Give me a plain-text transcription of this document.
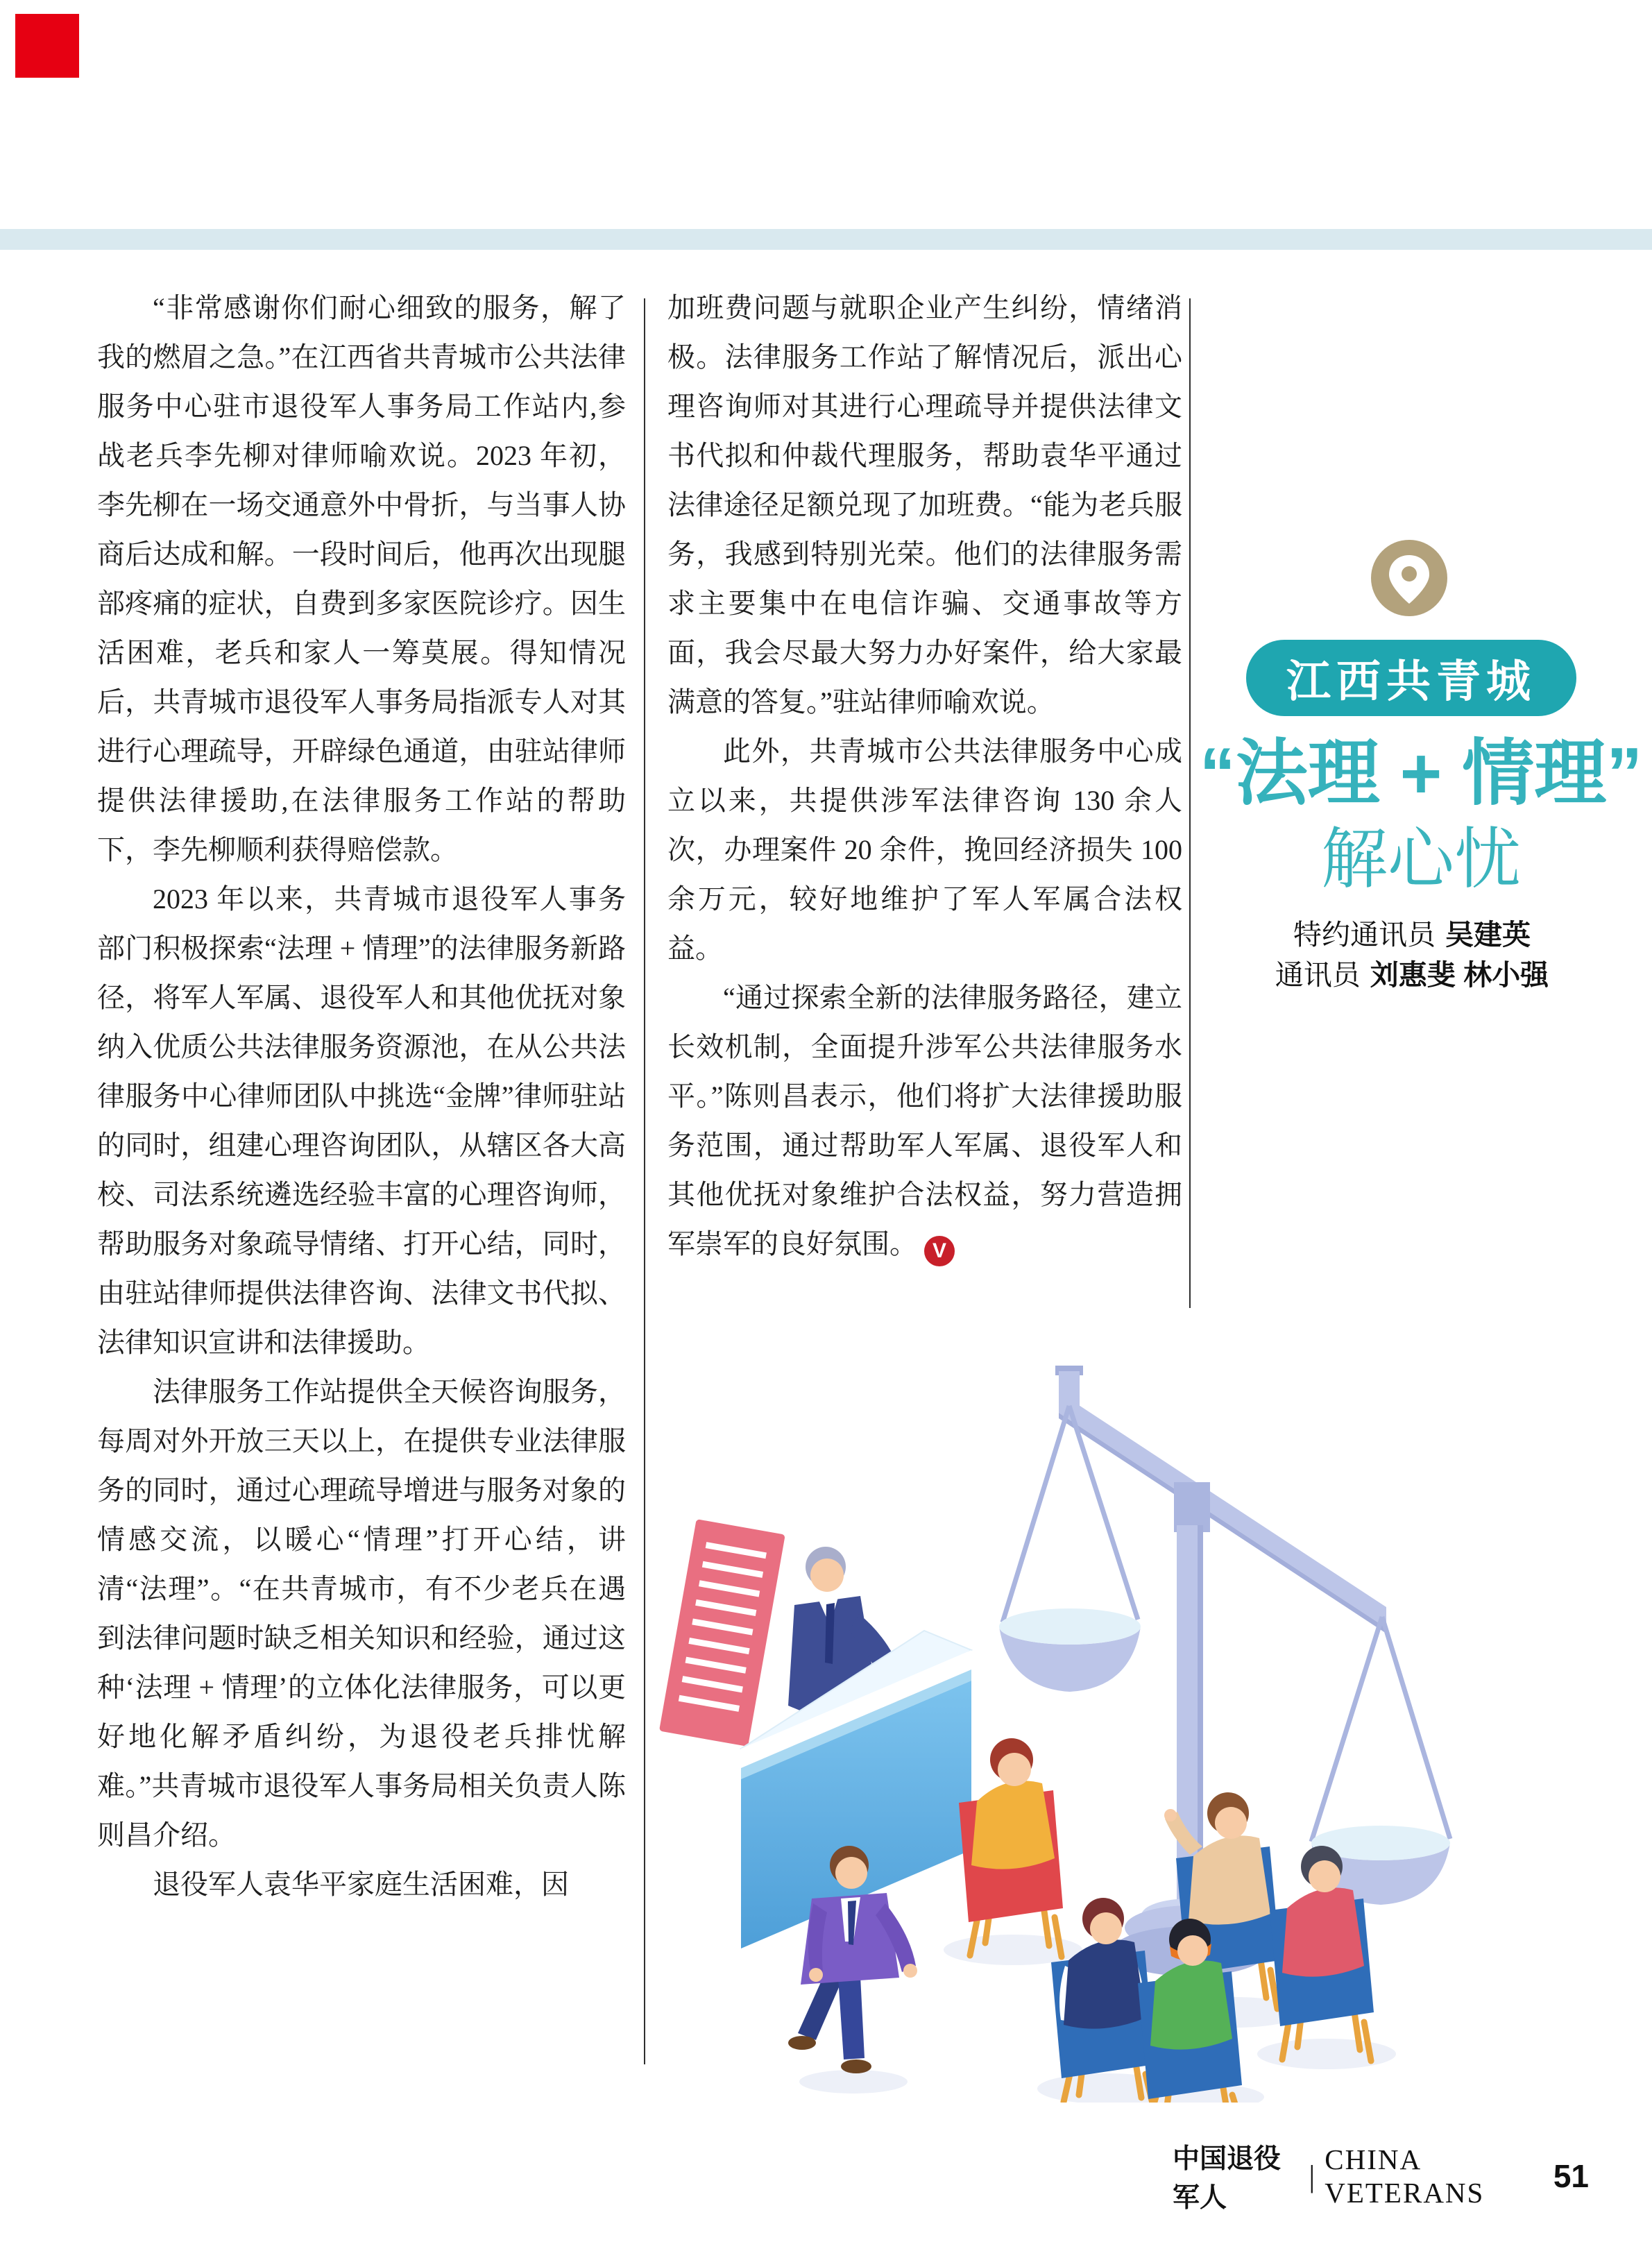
“非常感谢你们耐心细致的服务，解了我的燃眉之急。”在江西省共青城市公共法律服务中心驻市退役军人事务局工作站内,参战老兵李先柳对律师喻欢说。2023 年初，李先柳在一场交通意外中骨折，与当事人协商后达成和解。一段时间后，他再次出现腿部疼痛的症状，自费到多家医院诊疗。因生活困难，老兵和家人一筹莫展。得知情况后，共青城市退役军人事务局指派专人对其进行心理疏导，开辟绿色通道，由驻站律师提供法律援助,在法律服务工作站的帮助下，李先柳顺利获得赔偿款。

2023 年以来，共青城市退役军人事务部门积极探索“法理 + 情理”的法律服务新路径，将军人军属、退役军人和其他优抚对象纳入优质公共法律服务资源池，在从公共法律服务中心律师团队中挑选“金牌”律师驻站的同时，组建心理咨询团队，从辖区各大高校、司法系统遴选经验丰富的心理咨询师，帮助服务对象疏导情绪、打开心结，同时，由驻站律师提供法律咨询、法律文书代拟、法律知识宣讲和法律援助。

法律服务工作站提供全天候咨询服务，每周对外开放三天以上，在提供专业法律服务的同时，通过心理疏导增进与服务对象的情感交流，以暖心“情理”打开心结，讲清“法理”。“在共青城市，有不少老兵在遇到法律问题时缺乏相关知识和经验，通过这种‘法理 + 情理’的立体化法律服务，可以更好地化解矛盾纠纷，为退役老兵排忧解难。”共青城市退役军人事务局相关负责人陈则昌介绍。

退役军人袁华平家庭生活困难，因

加班费问题与就职企业产生纠纷，情绪消极。法律服务工作站了解情况后，派出心理咨询师对其进行心理疏导并提供法律文书代拟和仲裁代理服务，帮助袁华平通过法律途径足额兑现了加班费。“能为老兵服务，我感到特别光荣。他们的法律服务需求主要集中在电信诈骗、交通事故等方面，我会尽最大努力办好案件，给大家最满意的答复。”驻站律师喻欢说。

此外，共青城市公共法律服务中心成立以来，共提供涉军法律咨询 130 余人次，办理案件 20 余件，挽回经济损失 100 余万元，较好地维护了军人军属合法权益。

“通过探索全新的法律服务路径，建立长效机制，全面提升涉军公共法律服务水平。”陈则昌表示，他们将扩大法律援助服务范围，通过帮助军人军属、退役军人和其他优抚对象维护合法权益，努力营造拥军崇军的良好氛围。 V

江西共青城
“法理 + 情理”
解心忧
特约通讯员 吴建英
通讯员 刘惠斐 林小强
中国退役军人
| CHINA VETERANS	51
